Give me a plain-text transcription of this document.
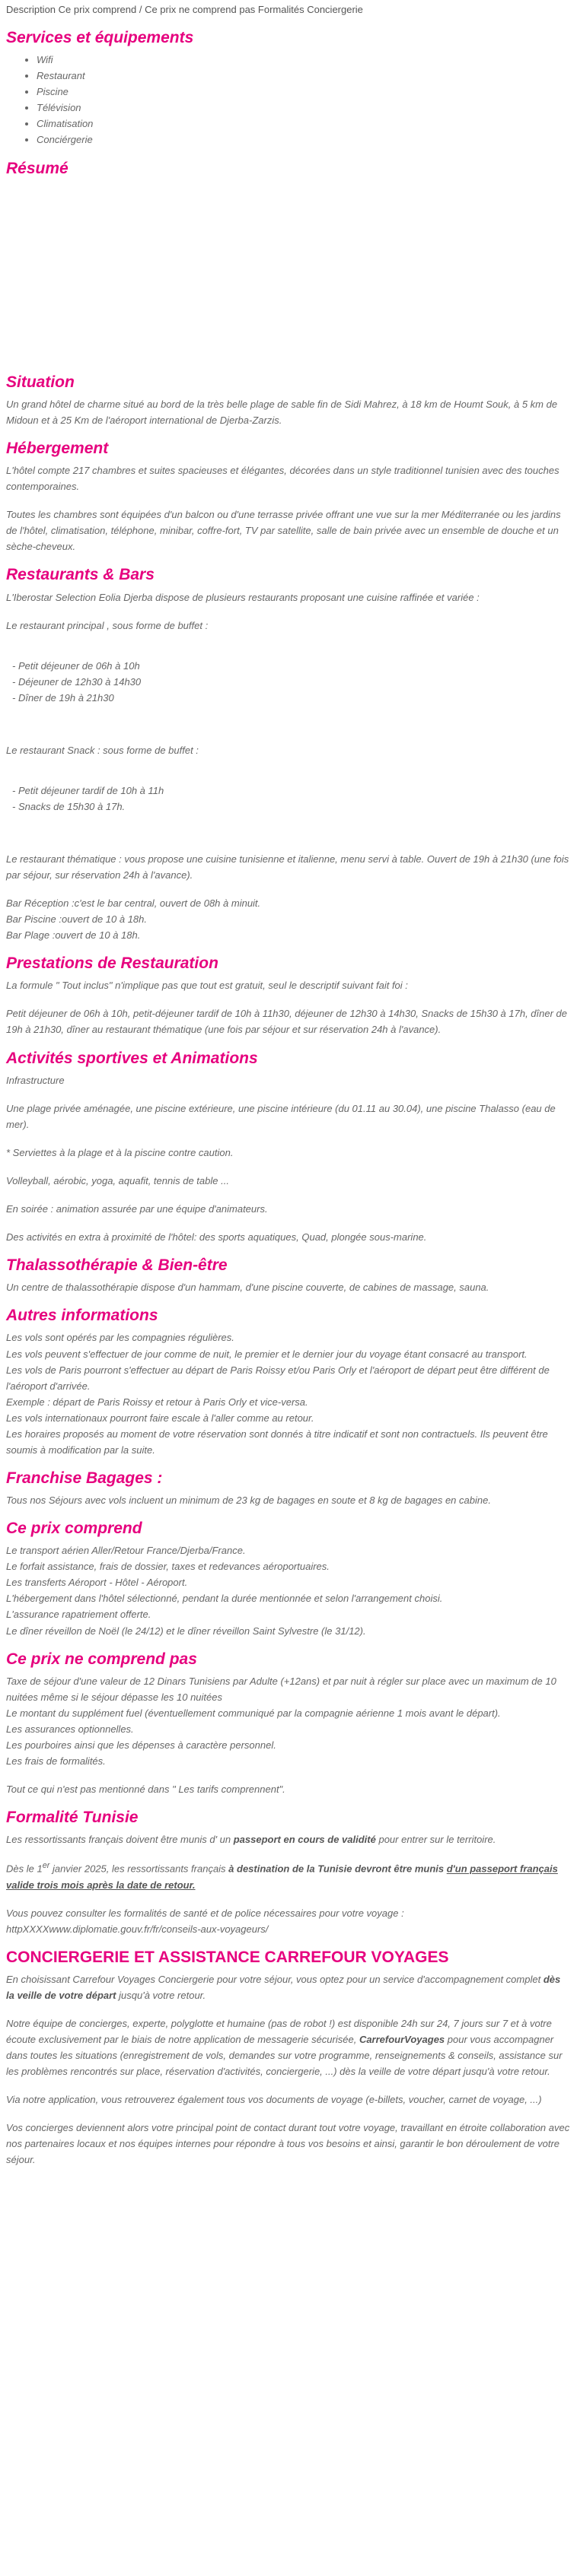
Description Ce prix comprend / Ce prix ne comprend pas Formalités Conciergerie
Services et équipements
• Wifi
• Restaurant
• Piscine
• Télévision
• Climatisation
• Conciérgerie
Résumé
Situation

Un grand hôtel de charme situé au bord de la très belle plage de sable fin de Sidi Mahrez, à 18 km de Houmt Souk, à 5 km de Midoun et à 25 Km de l'aéroport international de Djerba-Zarzis.

Hébergement

L'hôtel compte 217 chambres et suites spacieuses et élégantes, décorées dans un style traditionnel tunisien avec des touches contemporaines.

Toutes les chambres sont équipées d'un balcon ou d'une terrasse privée offrant une vue sur la mer Méditerranée ou les jardins de l'hôtel, climatisation, téléphone, minibar, coffre-fort, TV par satellite, salle de bain privée avec un ensemble de douche et un sèche-cheveux.

Restaurants & Bars

L'Iberostar Selection Eolia Djerba dispose de plusieurs restaurants proposant une cuisine raffinée et variée :

Le restaurant principal , sous forme de buffet :

- Petit déjeuner de 06h à 10h

- Déjeuner de 12h30 à 14h30

- Dîner de 19h à 21h30

Le restaurant Snack : sous forme de buffet :

- Petit déjeuner tardif de 10h à 11h

- Snacks de 15h30 à 17h.

Le restaurant thématique : vous propose une cuisine tunisienne et italienne, menu servi à table. Ouvert de 19h à 21h30 (une fois par séjour, sur réservation 24h à l'avance).

Bar Réception :c'est le bar central, ouvert de 08h à minuit.

Bar Piscine :ouvert de 10 à 18h.

Bar Plage :ouvert de 10 à 18h.

Prestations de Restauration

La formule " Tout inclus" n'implique pas que tout est gratuit, seul le descriptif suivant fait foi :

Petit déjeuner de 06h à 10h, petit-déjeuner tardif de 10h à 11h30, déjeuner de 12h30 à 14h30, Snacks de 15h30 à 17h, dîner de 19h à 21h30, dîner au restaurant thématique (une fois par séjour et sur réservation 24h à l'avance).

Activités sportives et Animations

Infrastructure

Une plage privée aménagée, une piscine extérieure, une piscine intérieure (du 01.11 au 30.04), une piscine Thalasso (eau de mer).

* Serviettes à la plage et à la piscine contre caution.

Volleyball, aérobic, yoga, aquafit, tennis de table ...

En soirée : animation assurée par une équipe d'animateurs.

Des activités en extra à proximité de l'hôtel: des sports aquatiques, Quad, plongée sous-marine.

Thalassothérapie & Bien-être

Un centre de thalassothérapie dispose d'un hammam, d'une piscine couverte, de cabines de massage, sauna.

Autres informations

Les vols sont opérés par les compagnies régulières.

Les vols peuvent s'effectuer de jour comme de nuit, le premier et le dernier jour du voyage étant consacré au transport.

Les vols de Paris pourront s'effectuer au départ de Paris Roissy et/ou Paris Orly et l'aéroport de départ peut être différent de l'aéroport d'arrivée.

Exemple : départ de Paris Roissy et retour à Paris Orly et vice-versa.

Les vols internationaux pourront faire escale à l'aller comme au retour.

Les horaires proposés au moment de votre réservation sont donnés à titre indicatif et sont non contractuels. Ils peuvent être soumis à modification par la suite.

Franchise Bagages :

Tous nos Séjours avec vols incluent un minimum de 23 kg de bagages en soute et 8 kg de bagages en cabine.

Ce prix comprend

Le transport aérien Aller/Retour France/Djerba/France.

Le forfait assistance, frais de dossier, taxes et redevances aéroportuaires.

Les transferts Aéroport - Hôtel - Aéroport.

L'hébergement dans l'hôtel sélectionné, pendant la durée mentionnée et selon l'arrangement choisi.

L'assurance rapatriement offerte.

Le dîner réveillon de Noël (le 24/12) et le dîner réveillon Saint Sylvestre (le 31/12).

Ce prix ne comprend pas

Taxe de séjour d'une valeur de 12 Dinars Tunisiens par Adulte (+12ans) et par nuit à régler sur place avec un maximum de 10 nuitées même si le séjour dépasse les 10 nuitées

Le montant du supplément fuel (éventuellement communiqué par la compagnie aérienne 1 mois avant le départ).

Les assurances optionnelles.

Les pourboires ainsi que les dépenses à caractère personnel.

Les frais de formalités.

Tout ce qui n'est pas mentionné dans " Les tarifs comprennent".

Formalité Tunisie

Les ressortissants français doivent être munis d' un passeport en cours de validité pour entrer sur le territoire.

Dès le 1er janvier 2025, les ressortissants français à destination de la Tunisie devront être munis d'un passeport français valide trois mois après la date de retour.

Vous pouvez consulter les formalités de santé et de police nécessaires pour votre voyage :

httpXXXXwww.diplomatie.gouv.fr/fr/conseils-aux-voyageurs/

CONCIERGERIE ET ASSISTANCE CARREFOUR VOYAGES

En choisissant Carrefour Voyages Conciergerie pour votre séjour, vous optez pour un service d'accompagnement complet dès la veille de votre départ jusqu'à votre retour.

Notre équipe de concierges, experte, polyglotte et humaine (pas de robot !) est disponible 24h sur 24, 7 jours sur 7 et à votre écoute exclusivement par le biais de notre application de messagerie sécurisée, CarrefourVoyages pour vous accompagner dans toutes les situations (enregistrement de vols, demandes sur votre programme, renseignements & conseils, assistance sur les problèmes rencontrés sur place, réservation d'activités, conciergerie, ...) dès la veille de votre départ jusqu'à votre retour.

Via notre application, vous retrouverez également tous vos documents de voyage (e-billets, voucher, carnet de voyage, ...)

Vos concierges deviennent alors votre principal point de contact durant tout votre voyage, travaillant en étroite collaboration avec nos partenaires locaux et nos équipes internes pour répondre à tous vos besoins et ainsi, garantir le bon déroulement de votre séjour.
